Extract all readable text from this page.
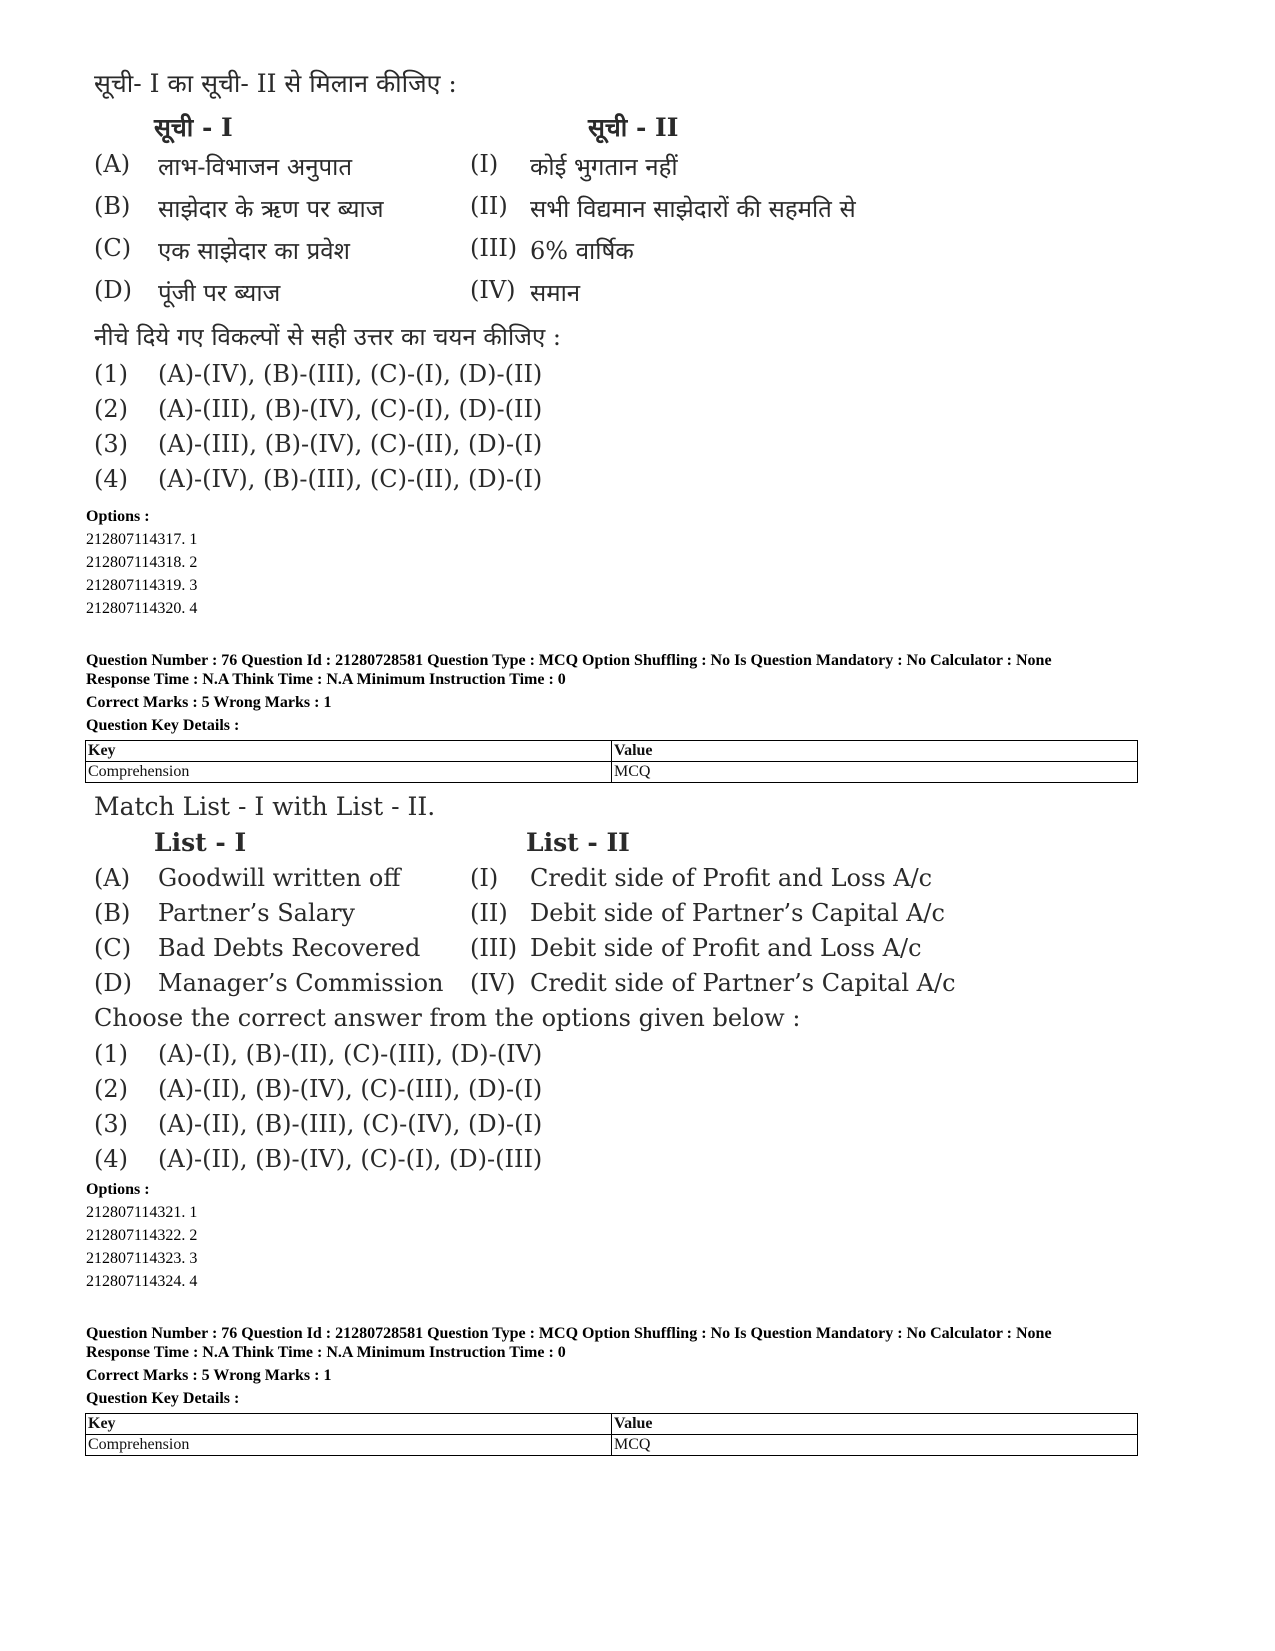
सूची- I का सूची- II से मिलान कीजिए :
सूची - I	सूची - II
(A) लाभ-विभाजन अनुपात	(I) कोई भुगतान नहीं
(B) साझेदार के ऋण पर ब्याज	(II) सभी विद्यमान साझेदारों की सहमति से
(C) एक साझेदार का प्रवेश	(III) 6% वार्षिक
(D) पूंजी पर ब्याज	(IV) समान
नीचे दिये गए विकल्पों से सही उत्तर का चयन कीजिए :
(1) (A)-(IV), (B)-(III), (C)-(I), (D)-(II)
(2) (A)-(III), (B)-(IV), (C)-(I), (D)-(II)
(3) (A)-(III), (B)-(IV), (C)-(II), (D)-(I)
(4) (A)-(IV), (B)-(III), (C)-(II), (D)-(I)
Options :
212807114317. 1
212807114318. 2
212807114319. 3
212807114320. 4
Question Number : 76 Question Id : 21280728581 Question Type : MCQ Option Shuffling : No Is Question Mandatory : No Calculator : None
Response Time : N.A Think Time : N.A Minimum Instruction Time : 0
Correct Marks : 5 Wrong Marks : 1
Question Key Details :
Key	Value
Comprehension	MCQ
Match List - I with List - II.
List - I	List - II
(A) Goodwill written off	(I) Credit side of Profit and Loss A/c
(B) Partner’s Salary	(II) Debit side of Partner’s Capital A/c
(C) Bad Debts Recovered (III) Debit side of Profit and Loss A/c
(D) Manager’s Commission (IV) Credit side of Partner’s Capital A/c
Choose the correct answer from the options given below :
(1) (A)-(I), (B)-(II), (C)-(III), (D)-(IV)
(2) (A)-(II), (B)-(IV), (C)-(III), (D)-(I)
(3) (A)-(II), (B)-(III), (C)-(IV), (D)-(I)
(4) (A)-(II), (B)-(IV), (C)-(I), (D)-(III)
Options :
212807114321. 1
212807114322. 2
212807114323. 3
212807114324. 4
Question Number : 76 Question Id : 21280728581 Question Type : MCQ Option Shuffling : No Is Question Mandatory : No Calculator : None
Response Time : N.A Think Time : N.A Minimum Instruction Time : 0
Correct Marks : 5 Wrong Marks : 1
Question Key Details :
Key	Value
Comprehension	MCQ
